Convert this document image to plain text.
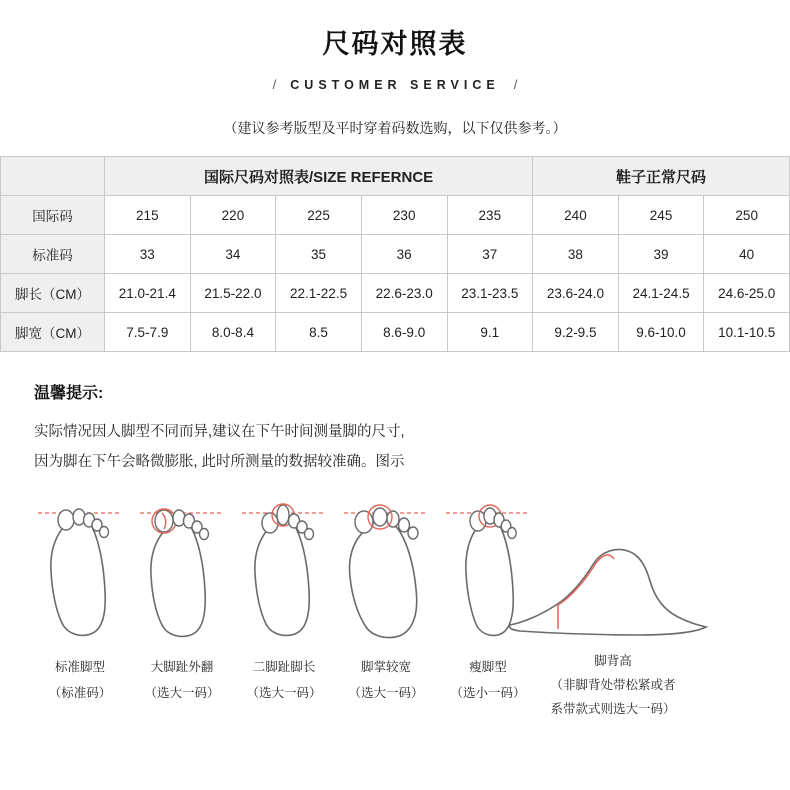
尺码对照表
/ CUSTOMER SERVICE /
（建议参考版型及平时穿着码数选购，以下仅供参考。）
	国际尺码对照表/SIZE REFERNCE					鞋子正常尺码		
国际码	215	220	225	230	235	240	245	250
标准码	33	34	35	36	37	38	39	40
脚长（CM）	21.0-21.4	21.5-22.0	22.1-22.5	22.6-23.0	23.1-23.5	23.6-24.0	24.1-24.5	24.6-25.0
脚宽（CM）	7.5-7.9	8.0-8.4	8.5	8.6-9.0	9.1	9.2-9.5	9.6-10.0	10.1-10.5
温馨提示:
实际情况因人脚型不同而异,建议在下午时间测量脚的尺寸,
因为脚在下午会略微膨胀, 此时所测量的数据较准确。图示
标准脚型
（标准码）
大脚趾外翻
（选大一码）
二脚趾脚长
（选大一码）
脚掌较宽
（选大一码）
瘦脚型
（选小一码）
脚背高
（非脚背处带松紧或者
系带款式则选大一码）
